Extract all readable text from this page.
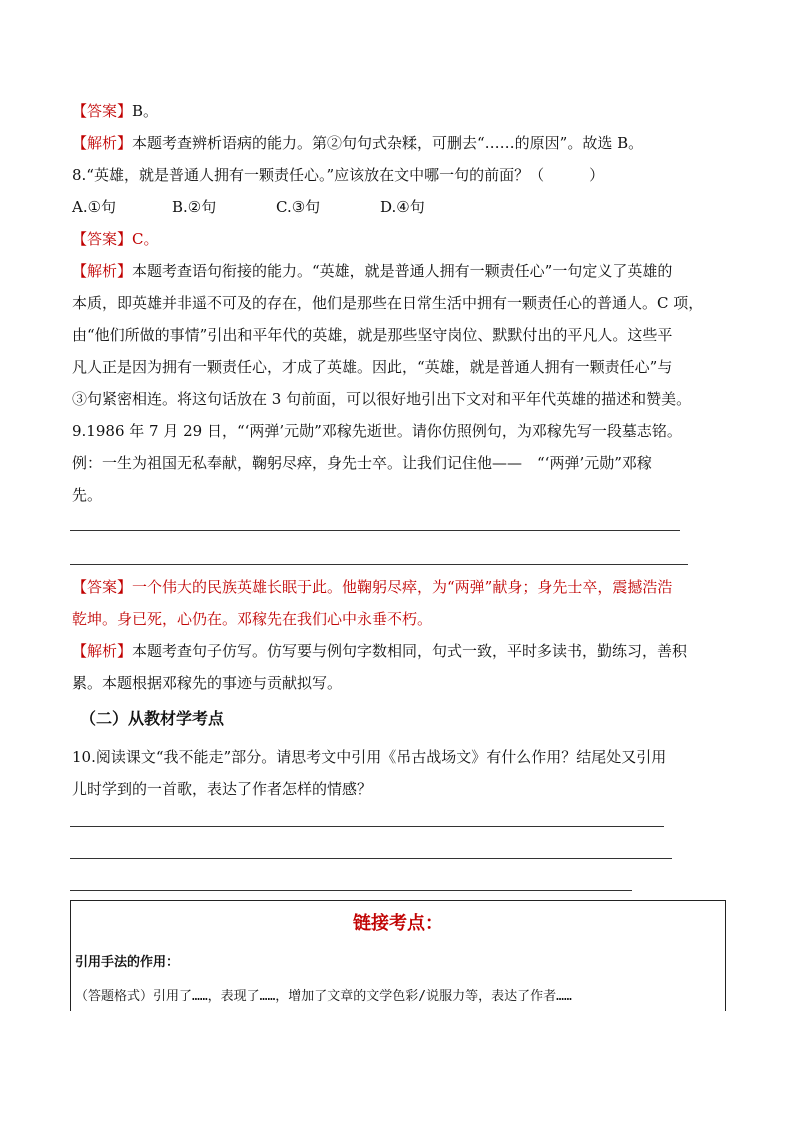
【答案】B。
【解析】本题考查辨析语病的能力。第②句句式杂糅，可删去“……的原因”。故选 B。
8.“英雄，就是普通人拥有一颗责任心。”应该放在文中哪一句的前面？（　　　）
A.①句	B.②句	C.③句	D.④句
【答案】C。
【解析】本题考查语句衔接的能力。“英雄，就是普通人拥有一颗责任心”一句定义了英雄的
本质，即英雄并非遥不可及的存在，他们是那些在日常生活中拥有一颗责任心的普通人。C 项，
由“他们所做的事情”引出和平年代的英雄，就是那些坚守岗位、默默付出的平凡人。这些平
凡人正是因为拥有一颗责任心，才成了英雄。因此，“英雄，就是普通人拥有一颗责任心”与
③句紧密相连。将这句话放在 3 句前面，可以很好地引出下文对和平年代英雄的描述和赞美。
9.1986 年 7 月 29 日，“‘两弹’元勋”邓稼先逝世。请你仿照例句，为邓稼先写一段墓志铭。
例：一生为祖国无私奉献，鞠躬尽瘁，身先士卒。让我们记住他——　“‘两弹’元勋”邓稼
先。
【答案】一个伟大的民族英雄长眠于此。他鞠躬尽瘁，为“两弹”献身；身先士卒，震撼浩浩
乾坤。身已死，心仍在。邓稼先在我们心中永垂不朽。
【解析】本题考查句子仿写。仿写要与例句字数相同，句式一致，平时多读书，勤练习，善积
累。本题根据邓稼先的事迹与贡献拟写。
（二）从教材学考点
10.阅读课文“我不能走”部分。请思考文中引用《吊古战场文》有什么作用？结尾处又引用
儿时学到的一首歌，表达了作者怎样的情感？
链接考点：
引用手法的作用：
（答题格式）引用了……，表现了……，增加了文章的文学色彩/说服力等，表达了作者……
